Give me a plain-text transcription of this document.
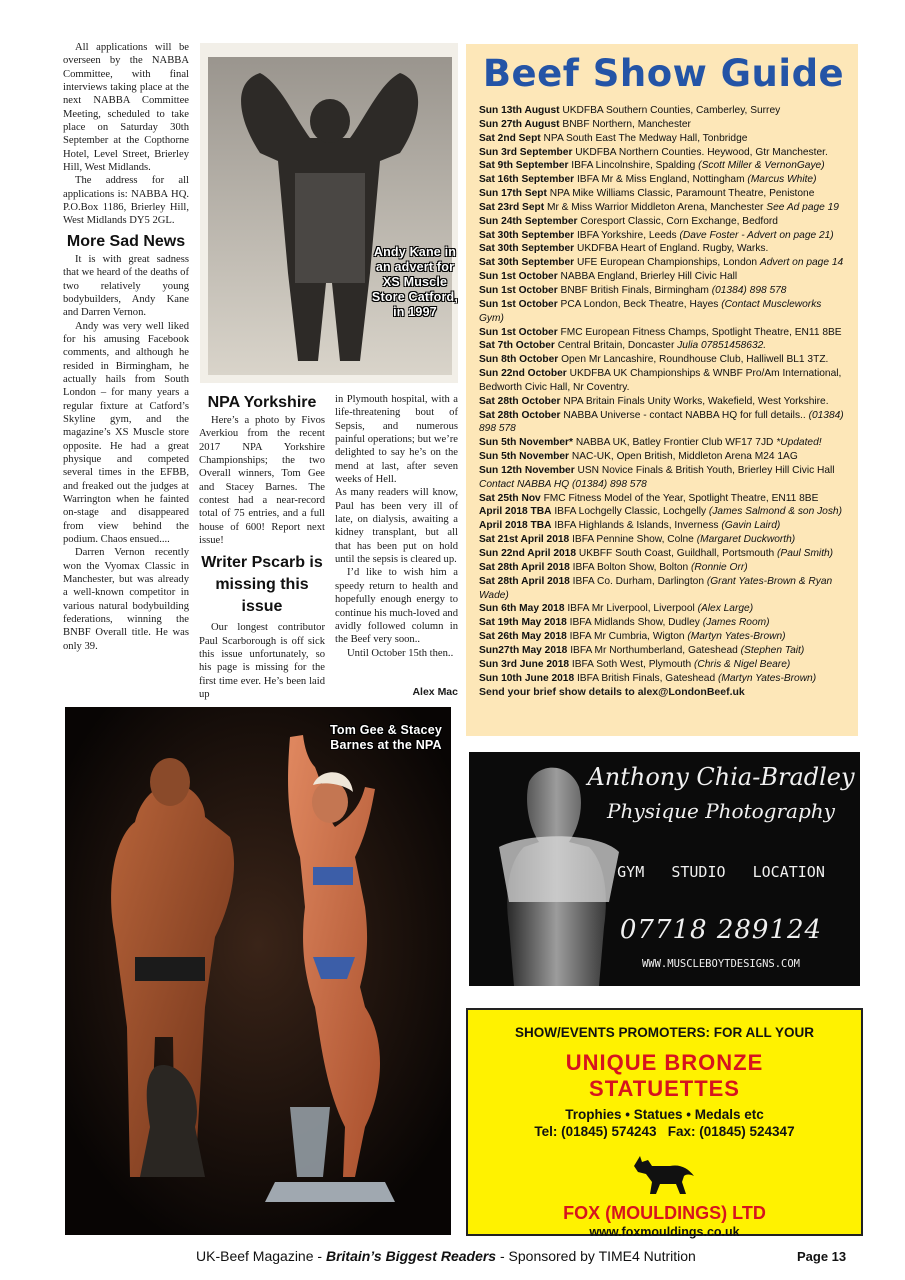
All applications will be overseen by the NABBA Committee, with final interviews taking place at the next NABBA Committee Meeting, scheduled to take place on Saturday 30th September at the Copthorne Hotel, Level Street, Brierley Hill, West Midlands.

The address for all applications is: NABBA HQ. P.O.Box 1186, Brierley Hill, West Midlands DY5 2GL.

More Sad News

It is with great sadness that we heard of the deaths of two relatively young bodybuilders, Andy Kane and Darren Vernon.

Andy was very well liked for his amusing Facebook comments, and although he resided in Birmingham, he actually hails from South London – for many years a regular fixture at Catford’s Skyline gym, and the magazine’s XS Muscle store opposite. He had a great physique and competed several times in the EFBB, and freaked out the judges at Warrington when he fainted on-stage and disappeared from view behind the podium. Chaos ensued....

Darren Vernon recently won the Vyomax Classic in Manchester, but was already a well-known competitor in various natural bodybuilding federations, winning the BNBF Overall title. He was only 39.

Andy Kane in an advert for XS Muscle Store Catford, in 1997
NPA Yorkshire

Here’s a photo by Fivos Averkiou from the recent 2017 NPA Yorkshire Championships; the two Overall winners, Tom Gee and Stacey Barnes. The contest had a near-record total of 75 entries, and a full house of 600! Report next issue!

Writer Pscarb is missing this issue

Our longest contributor Paul Scarborough is off sick this issue unfortunately, so his page is missing for the first time ever. He’s been laid up

in Plymouth hospital, with a life-threatening bout of Sepsis, and numerous painful operations; but we’re delighted to say he’s on the mend at last, after seven weeks of Hell.

As many readers will know, Paul has been very ill of late, on dialysis, awaiting a kidney transplant, but all that has been put on hold until the sepsis is cleared up.

I’d like to wish him a speedy return to health and hopefully enough energy to continue his much-loved and avidly followed column in the Beef very soon..

Until October 15th then..

Alex Mac
Beef Show Guide
Sun 13th August UKDFBA Southern Counties, Camberley, Surrey
Sun 27th August BNBF Northern, Manchester
Sat 2nd Sept NPA South East The Medway Hall, Tonbridge
Sun 3rd September UKDFBA Northern Counties. Heywood, Gtr Manchester.
Sat 9th September IBFA Lincolnshire, Spalding (Scott Miller & VernonGaye)
Sat 16th September IBFA Mr & Miss England, Nottingham (Marcus White)
Sun 17th Sept NPA Mike Williams Classic, Paramount Theatre, Penistone
Sat 23rd Sept Mr & Miss Warrior Middleton Arena, Manchester See Ad page 19
Sun 24th September Coresport Classic, Corn Exchange, Bedford
Sat 30th September IBFA Yorkshire, Leeds (Dave Foster - Advert on page 21)
Sat 30th September UKDFBA Heart of England. Rugby, Warks.
Sat 30th September UFE European Championships, London Advert on page 14
Sun 1st October NABBA England, Brierley Hill Civic Hall
Sun 1st October BNBF British Finals, Birmingham (01384) 898 578
Sun 1st October PCA London, Beck Theatre, Hayes (Contact Muscleworks Gym)
Sun 1st October FMC European Fitness Champs, Spotlight Theatre, EN11 8BE
Sat 7th October Central Britain, Doncaster Julia 07851458632.
Sun 8th October Open Mr Lancashire, Roundhouse Club, Halliwell BL1 3TZ.
Sun 22nd October UKDFBA UK Championships & WNBF Pro/Am International, Bedworth Civic Hall, Nr Coventry.
Sat 28th October NPA Britain Finals Unity Works, Wakefield, West Yorkshire.
Sat 28th October NABBA Universe - contact NABBA HQ for full details.. (01384) 898 578
Sun 5th November* NABBA UK, Batley Frontier Club WF17 7JD *Updated!
Sun 5th November NAC-UK, Open British, Middleton Arena M24 1AG
Sun 12th November USN Novice Finals & British Youth, Brierley Hill Civic Hall Contact NABBA HQ (01384) 898 578
Sat 25th Nov FMC Fitness Model of the Year, Spotlight Theatre, EN11 8BE
April 2018 TBA IBFA Lochgelly Classic, Lochgelly (James Salmond & son Josh)
April 2018 TBA IBFA Highlands & Islands, Inverness (Gavin Laird)
Sat 21st April 2018 IBFA Pennine Show, Colne (Margaret Duckworth)
Sun 22nd April 2018 UKBFF South Coast, Guildhall, Portsmouth (Paul Smith)
Sat 28th April 2018 IBFA Bolton Show, Bolton (Ronnie Orr)
Sat 28th April 2018 IBFA Co. Durham, Darlington (Grant Yates-Brown & Ryan Wade)
Sun 6th May 2018 IBFA Mr Liverpool, Liverpool (Alex Large)
Sat 19th May 2018 IBFA Midlands Show, Dudley (James Room)
Sat 26th May 2018 IBFA Mr Cumbria, Wigton (Martyn Yates-Brown)
Sun27th May 2018 IBFA Mr Northumberland, Gateshead (Stephen Tait)
Sun 3rd June 2018 IBFA Soth West, Plymouth (Chris & Nigel Beare)
Sun 10th June 2018 IBFA British Finals, Gateshead (Martyn Yates-Brown)
Send your brief show details to alex@LondonBeef.uk
Tom Gee & Stacey Barnes at the NPA
Anthony Chia-Bradley
Physique Photography
GYM   STUDIO   LOCATION
07718 289124
WWW.MUSCLEBOYTDESIGNS.COM
SHOW/EVENTS PROMOTERS: FOR ALL YOUR
UNIQUE BRONZE
STATUETTES
Trophies • Statues • Medals etc
Tel: (01845) 574243   Fax: (01845) 524347
FOX (MOULDINGS) LTD
www.foxmouldings.co.uk
UK-Beef Magazine - Britain’s Biggest Readers - Sponsored by TIME4 Nutrition	Page 13
